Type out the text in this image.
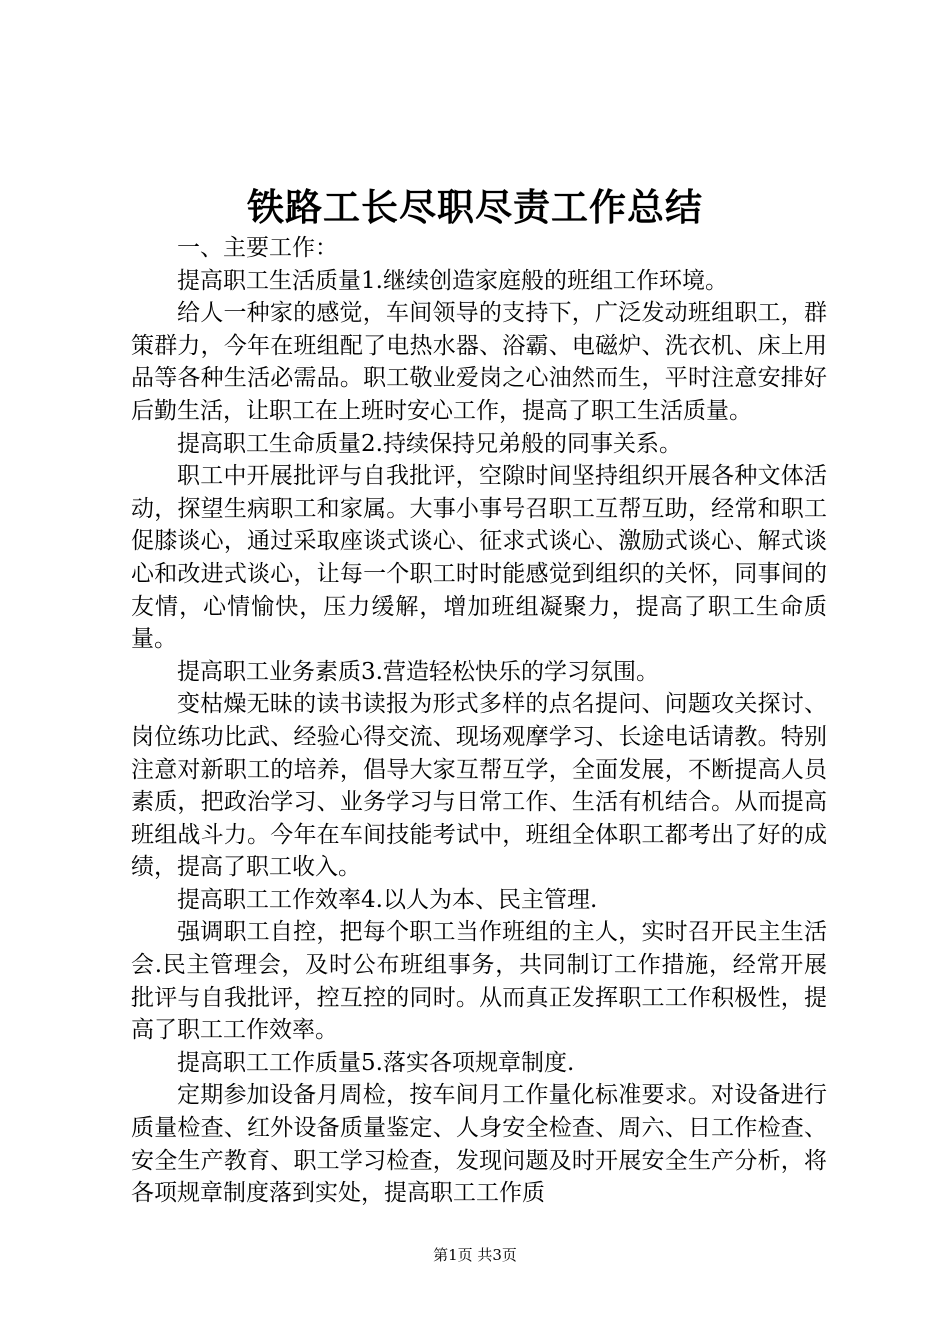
铁路工长尽职尽责工作总结

一、主要工作：

提高职工生活质量1.继续创造家庭般的班组工作环境。

给人一种家的感觉，车间领导的支持下，广泛发动班组职工，群策群力，今年在班组配了电热水器、浴霸、电磁炉、洗衣机、床上用品等各种生活必需品。职工敬业爱岗之心油然而生，平时注意安排好后勤生活，让职工在上班时安心工作，提高了职工生活质量。

提高职工生命质量2.持续保持兄弟般的同事关系。

职工中开展批评与自我批评，空隙时间坚持组织开展各种文体活动，探望生病职工和家属。大事小事号召职工互帮互助，经常和职工促膝谈心，通过采取座谈式谈心、征求式谈心、激励式谈心、解式谈心和改进式谈心，让每一个职工时时能感觉到组织的关怀，同事间的友情，心情愉快，压力缓解，增加班组凝聚力，提高了职工生命质量。

提高职工业务素质3.营造轻松快乐的学习氛围。

变枯燥无昧的读书读报为形式多样的点名提问、问题攻关探讨、岗位练功比武、经验心得交流、现场观摩学习、长途电话请教。特别注意对新职工的培养，倡导大家互帮互学，全面发展，不断提高人员素质，把政治学习、业务学习与日常工作、生活有机结合。从而提高班组战斗力。今年在车间技能考试中，班组全体职工都考出了好的成绩，提高了职工收入。

提高职工工作效率4.以人为本、民主管理.

强调职工自控，把每个职工当作班组的主人，实时召开民主生活会.民主管理会，及时公布班组事务，共同制订工作措施，经常开展批评与自我批评，控互控的同时。从而真正发挥职工工作积极性，提高了职工工作效率。

提高职工工作质量5.落实各项规章制度.

定期参加设备月周检，按车间月工作量化标准要求。对设备进行质量检查、红外设备质量鉴定、人身安全检查、周六、日工作检查、安全生产教育、职工学习检查，发现问题及时开展安全生产分析，将各项规章制度落到实处，提高职工工作质

第1页 共3页
